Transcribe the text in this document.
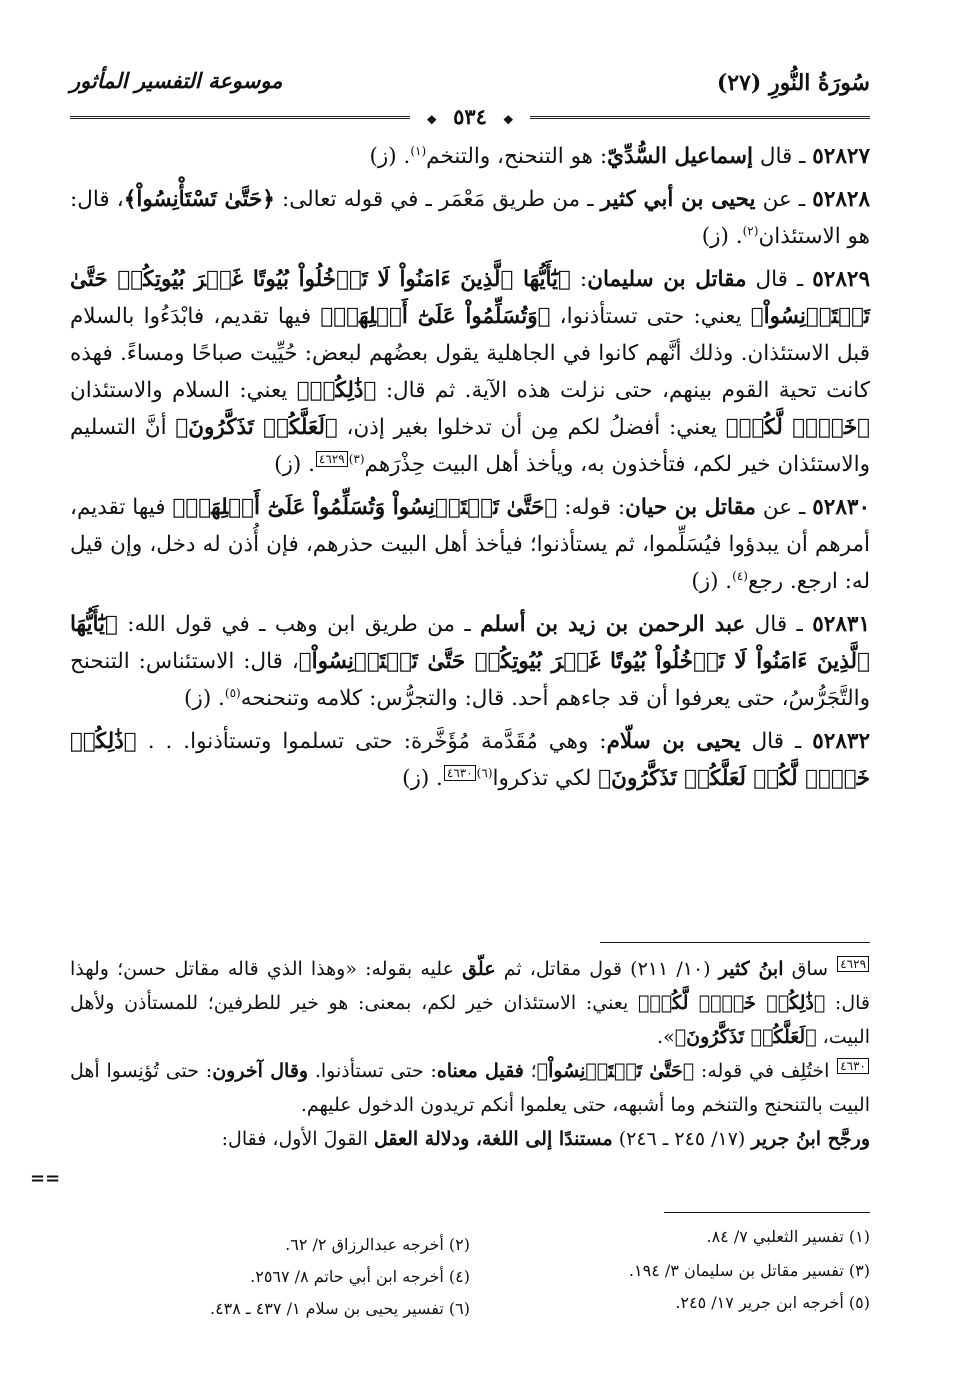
سُورَةُ النُّورِ (٢٧)
موسوعة التفسير المأثور
❖٥٣٤❖

٥٢٨٢٧ ـ قال إسماعيل السُّدِّيّ: هو التنحنح، والتنخم$^{(١)}$. (ز)

٥٢٨٢٨ ـ عن يحيى بن أبي كثير ـ من طريق مَعْمَر ـ في قوله تعالى: ﴿حَتَّىٰ تَسْتَأْنِسُواْ﴾، قال: هو الاستئذان$^{(٢)}$. (ز)

٥٢٨٢٩ ـ قال مقاتل بن سليمان: ﴿يَٰٓأَيُّهَا ٱلَّذِينَ ءَامَنُواْ لَا تَدۡخُلُواْ بُيُوتًا غَيۡرَ بُيُوتِكُمۡ حَتَّىٰ تَسۡتَأۡنِسُواْ﴾ يعني: حتى تستأذنوا، ﴿وَتُسَلِّمُواْ عَلَىٰٓ أَهۡلِهَاۚ﴾ فيها تقديم، فابْدَءُوا بالسلام قبل الاستئذان. وذلك أنَّهم كانوا في الجاهلية يقول بعضُهم لبعض: حُيِّيت صباحًا ومساءً. فهذه كانت تحية القوم بينهم، حتى نزلت هذه الآية. ثم قال: ﴿ذَٰلِكُمۡ﴾ يعني: السلام والاستئذان ﴿خَيۡرٞ لَّكُمۡ﴾ يعني: أفضلُ لكم مِن أن تدخلوا بغير إذن، ﴿لَعَلَّكُمۡ تَذَكَّرُونَ﴾ أنَّ التسليم والاستئذان خير لكم، فتأخذون به، ويأخذ أهل البيت حِذْرَهم$^{(٣)}$٤٦٢٩. (ز)

٥٢٨٣٠ ـ عن مقاتل بن حيان: قوله: ﴿حَتَّىٰ تَسۡتَأۡنِسُواْ وَتُسَلِّمُواْ عَلَىٰٓ أَهۡلِهَاۚ﴾ فيها تقديم، أمرهم أن يبدؤوا فيُسَلِّموا، ثم يستأذنوا؛ فيأخذ أهل البيت حذرهم، فإن أُذن له دخل، وإن قيل له: ارجع. رجع$^{(٤)}$. (ز)

٥٢٨٣١ ـ قال عبد الرحمن بن زيد بن أسلم ـ من طريق ابن وهب ـ في قول الله: ﴿يَٰٓأَيُّهَا ٱلَّذِينَ ءَامَنُواْ لَا تَدۡخُلُواْ بُيُوتًا غَيۡرَ بُيُوتِكُمۡ حَتَّىٰ تَسۡتَأۡنِسُواْ﴾، قال: الاستئناس: التنحنح والتَّجَرُّسُ، حتى يعرفوا أن قد جاءهم أحد. قال: والتجرُّس: كلامه وتنحنحه$^{(٥)}$. (ز)

٥٢٨٣٢ ـ قال يحيى بن سلّام: وهي مُقَدَّمة مُؤَخَّرة: حتى تسلموا وتستأذنوا. . . ﴿ذَٰلِكُمۡ خَيۡرٞ لَّكُمۡ لَعَلَّكُمۡ تَذَكَّرُونَ﴾ لكي تذكروا$^{(٦)}$٤٦٣٠. (ز)

٤٦٢٩ ساق ابنُ كثير (١٠/ ٢١١) قول مقاتل، ثم علّق عليه بقوله: «وهذا الذي قاله مقاتل حسن؛ ولهذا قال: ﴿ذَٰلِكُمۡ خَيۡرٞ لَّكُمۡ﴾ يعني: الاستئذان خير لكم، بمعنى: هو خير للطرفين؛ للمستأذن ولأهل البيت، ﴿لَعَلَّكُمۡ تَذَكَّرُونَ﴾».

٤٦٣٠ اختُلِف في قوله: ﴿حَتَّىٰ تَسۡتَأۡنِسُواْ﴾؛ فقيل معناه: حتى تستأذنوا. وقال آخرون: حتى تُؤنِسوا أهل البيت بالتنحنح والتنخم وما أشبهه، حتى يعلموا أنكم تريدون الدخول عليهم.

ورجَّح ابنُ جرير (١٧/ ٢٤٥ ـ ٢٤٦) مستندًا إلى اللغة، ودلالة العقل القولَ الأول، فقال:

==
(١) تفسير الثعلبي ٧/ ٨٤.
(٢) أخرجه عبدالرزاق ٢/ ٦٢.
(٣) تفسير مقاتل بن سليمان ٣/ ١٩٤.
(٤) أخرجه ابن أبي حاتم ٨/ ٢٥٦٧.
(٥) أخرجه ابن جرير ١٧/ ٢٤٥.
(٦) تفسير يحيى بن سلام ١/ ٤٣٧ ـ ٤٣٨.
